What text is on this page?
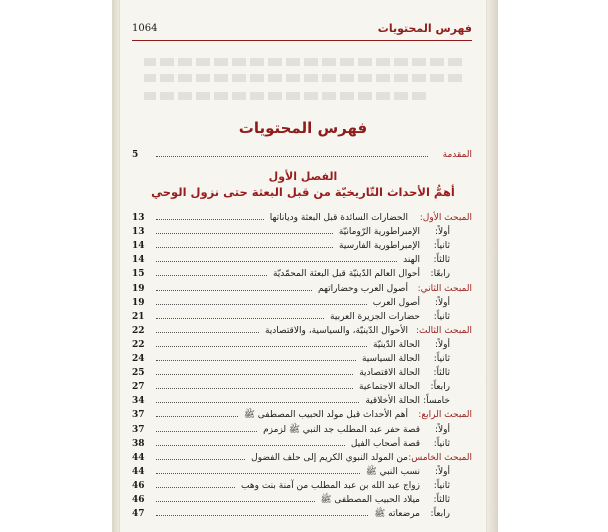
فهرس المحتويات
1064
فهرس المحتويات
المقدمة
5
الفصل الأول
أهمُّ الأحداث التّاريخيّة من قبل البعثة حتى نزول الوحي
المبحث الأول:
الحضارات السائدة قبل البعثة ودياناتها
13
أولاً:
الإمبراطورية الرّومانيّة
13
ثانياً:
الإمبراطورية الفارسية
14
ثالثاً:
الهند
14
رابعًا:
أحوال العالم الدّينيّة قبل البعثة المحمّديّة
15
المبحث الثاني:
أصول العرب وحضاراتهم
19
أولاً:
أصول العرب
19
ثانياً:
حضارات الجزيرة العربية
21
المبحث الثالث:
الأحوال الدّينيّة، والسياسية، والاقتصادية
22
أولاً:
الحالة الدّينيّة
22
ثانياً:
الحالة السياسية
24
ثالثاً:
الحالة الاقتصادية
25
رابعاً:
الحالة الاجتماعية
27
خامساً:
الحالة الأخلاقية
34
المبحث الرابع:
أهم الأحداث قبل مولد الحبيب المصطفى ﷺ
37
أولاً:
قصة حفر عبد المطلب جد النبي ﷺ لزمزم
37
ثانياً:
قصة أصحاب الفيل
38
المبحث الخامس:
من المولد النبوي الكريم إلى حلف الفضول
44
أولاً:
نسب النبي ﷺ
44
ثانياً:
زواج عبد الله بن عبد المطلب من آمنة بنت وهب
46
ثالثاً:
ميلاد الحبيب المصطفى ﷺ
46
رابعاً:
مرضعاته ﷺ
47
